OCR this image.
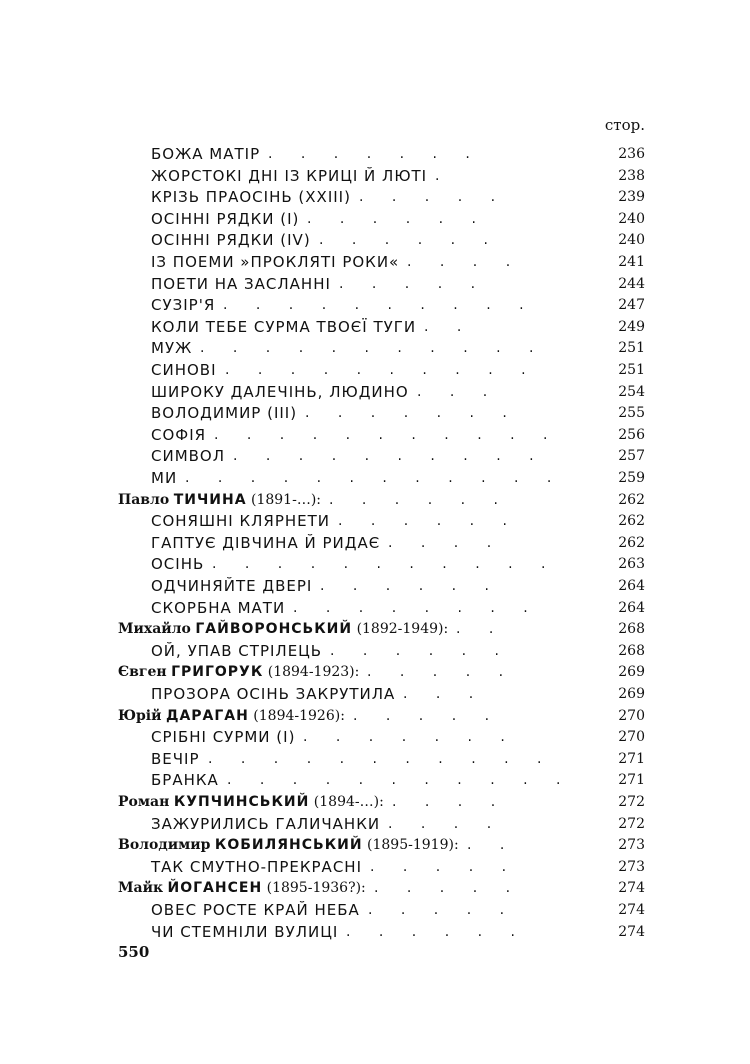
стор.
БОЖА МАТІР . . . . . . .	236
ЖОРСТОКІ ДНІ ІЗ КРИЦІ Й ЛЮТІ .	238
КРІЗЬ ПРАОСІНЬ (XXIII) . . . . .	239
ОСІННІ РЯДКИ (I) . . . . . .	240
ОСІННІ РЯДКИ (IV) . . . . . .	240
ІЗ ПОЕМИ »ПРОКЛЯТІ РОКИ« . . . .	241
ПОЕТИ НА ЗАСЛАННІ . . . . .	244
СУЗІР'Я . . . . . . . . . .	247
КОЛИ ТЕБЕ СУРМА ТВОЄЇ ТУГИ . .	249
МУЖ . . . . . . . . . . .	251
СИНОВІ . . . . . . . . . .	251
ШИРОКУ ДАЛЕЧІНЬ, ЛЮДИНО . . .	254
ВОЛОДИМИР (III) . . . . . . .	255
СОФІЯ . . . . . . . . . . .	256
СИМВОЛ . . . . . . . . . .	257
МИ . . . . . . . . . . . .	259
Павло ТИЧИНА (1891-…): . . . . . .	262
СОНЯШНІ КЛЯРНЕТИ . . . . . .	262
ГАПТУЄ ДІВЧИНА Й РИДАЄ . . . .	262
ОСІНЬ . . . . . . . . . . .	263
ОДЧИНЯЙТЕ ДВЕРІ . . . . . .	264
СКОРБНА МАТИ . . . . . . . .	264
Михайло ГАЙВОРОНСЬКИЙ (1892-1949): . .	268
ОЙ, УПАВ СТРІЛЕЦЬ . . . . . .	268
Євген ГРИГОРУК (1894-1923): . . . . .	269
ПРОЗОРА ОСІНЬ ЗАКРУТИЛА . . .	269
Юрій ДАРАГАН (1894-1926): . . . . .	270
СРІБНІ СУРМИ (I) . . . . . . .	270
ВЕЧІР . . . . . . . . . . .	271
БРАНКА . . . . . . . . . . .	271
Роман КУПЧИНСЬКИЙ (1894-…): . . . .	272
ЗАЖУРИЛИСЬ ГАЛИЧАНКИ . . . .	272
Володимир КОБИЛЯНСЬКИЙ (1895-1919): . .	273
ТАК СМУТНО-ПРЕКРАСНІ . . . . .	273
Майк ЙОГАНСЕН (1895-1936?): . . . . .	274
ОВЕС РОСТЕ КРАЙ НЕБА . . . . .	274
ЧИ СТЕМНІЛИ ВУЛИЦІ . . . . . .	274
550
